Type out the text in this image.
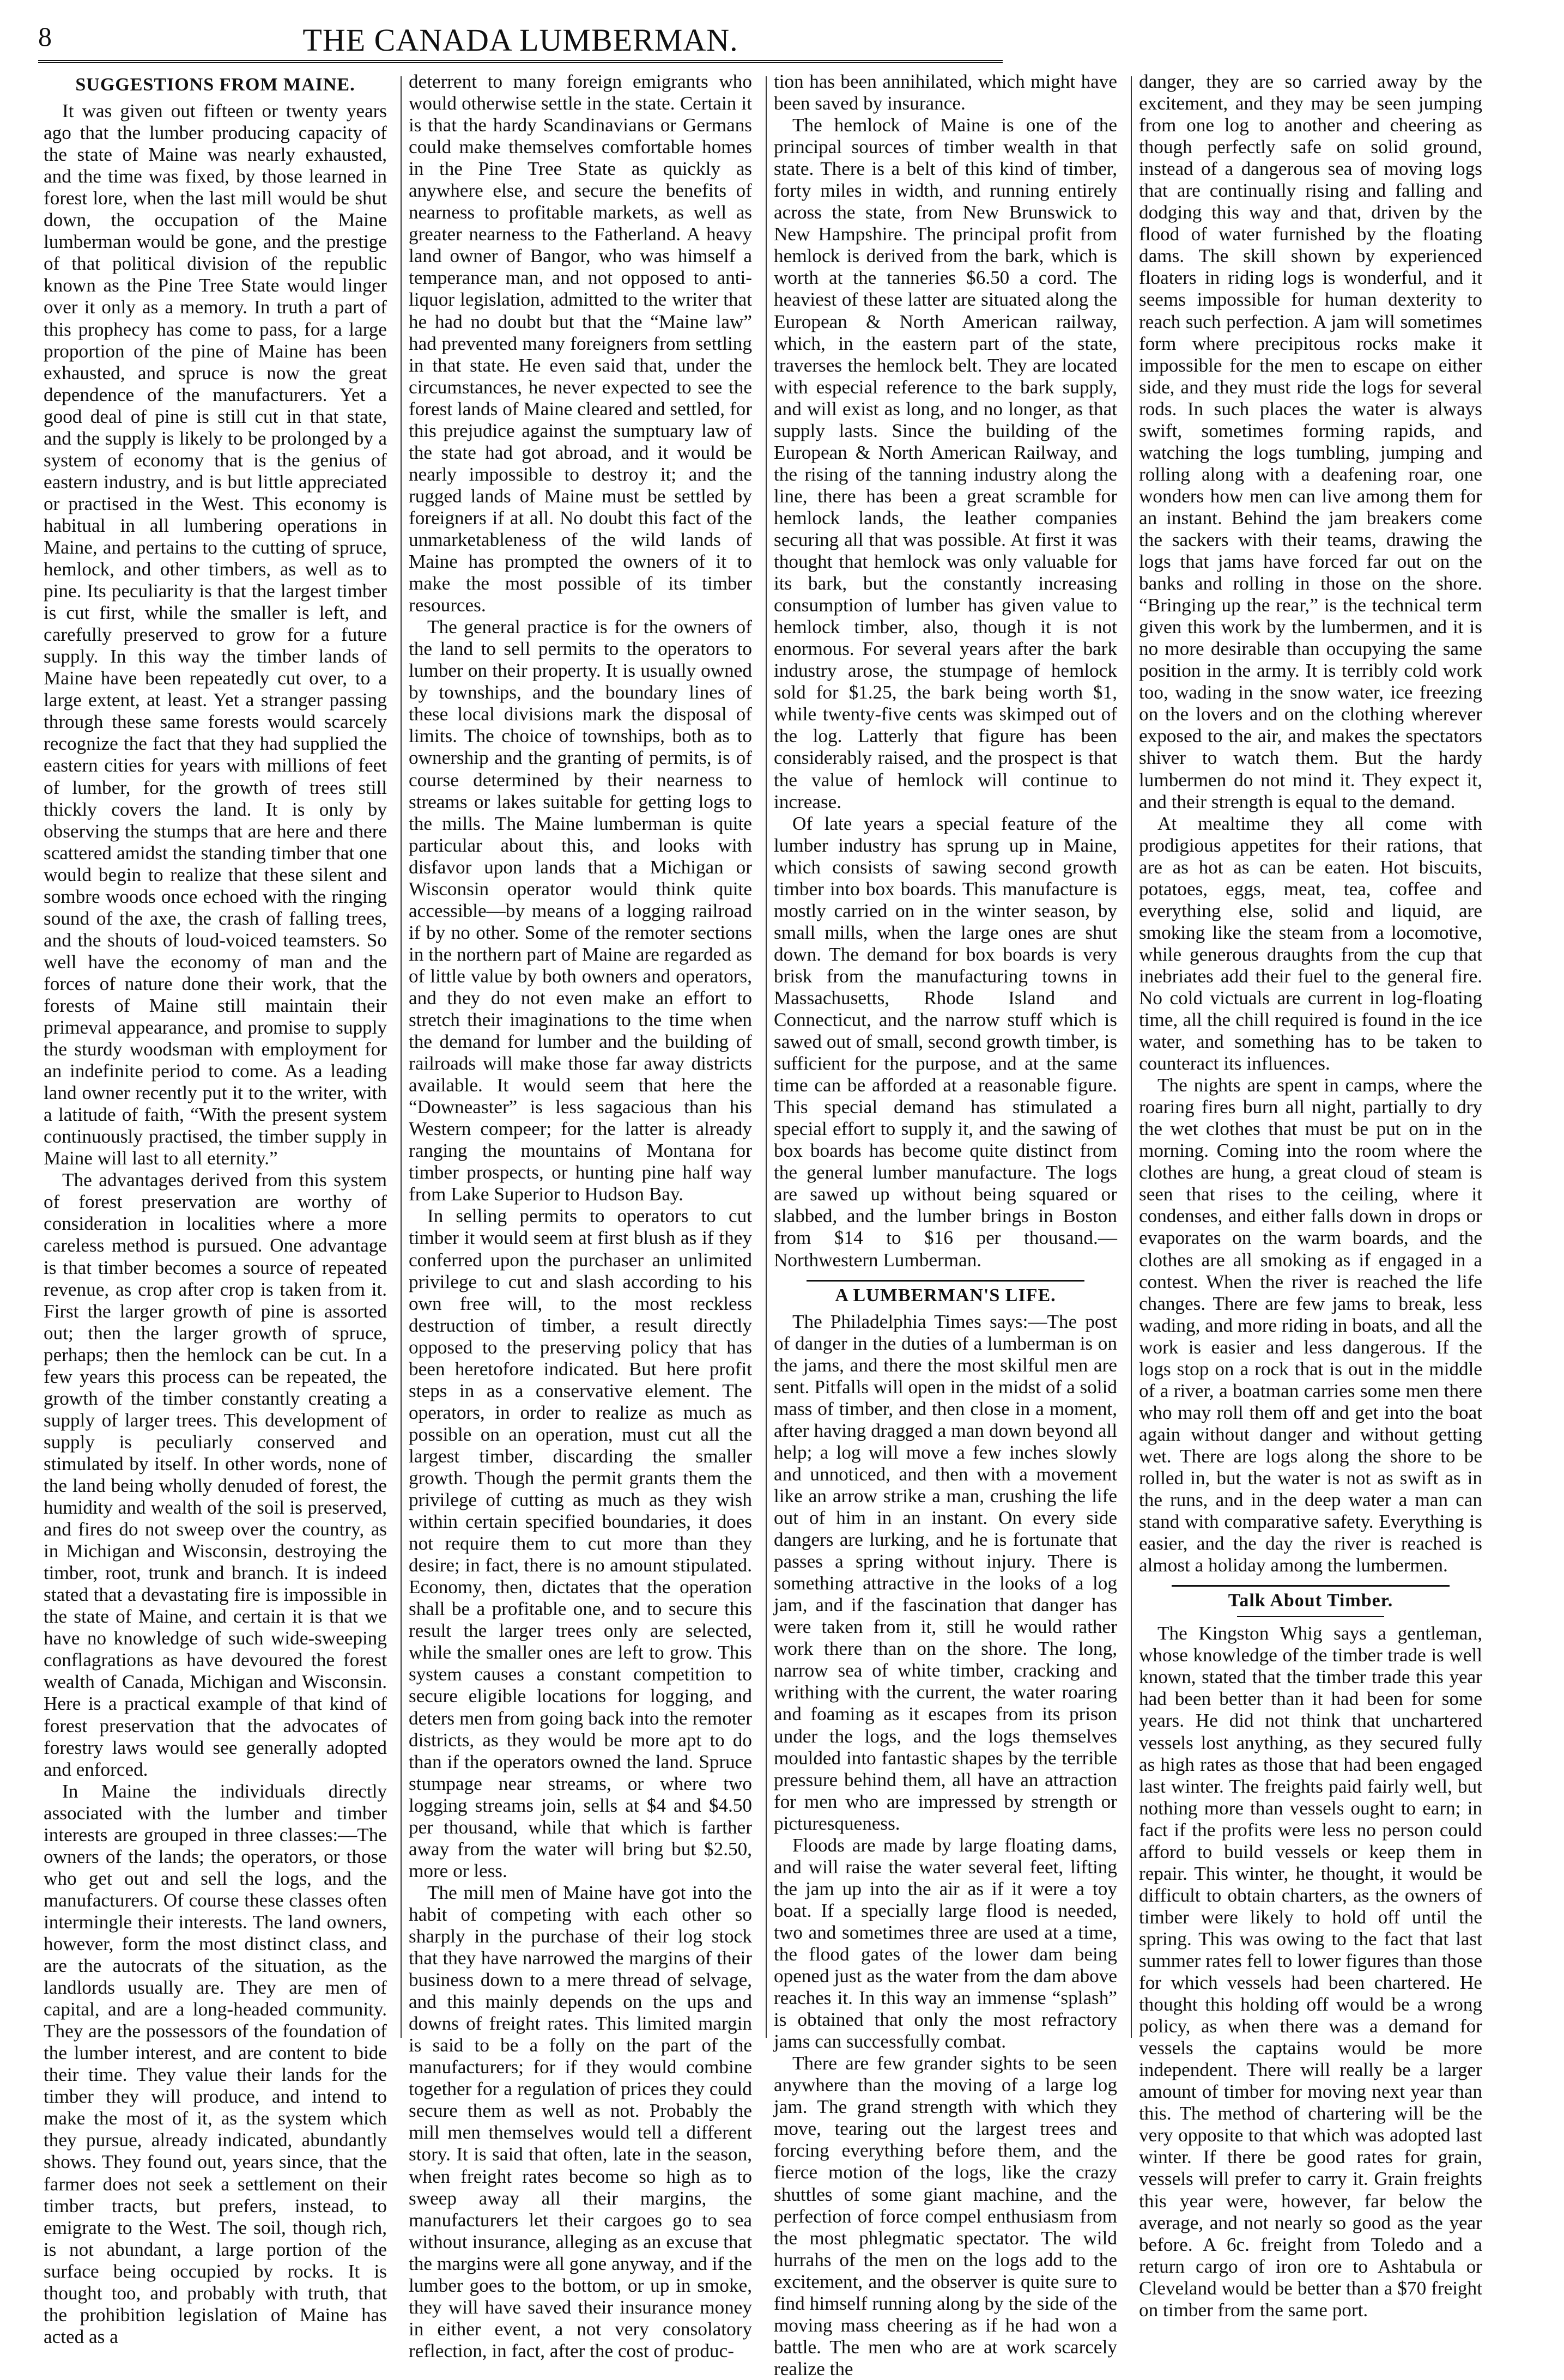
THE CANADA LUMBERMAN.
8
SUGGESTIONS FROM MAINE.

It was given out fifteen or twenty years ago that the lumber producing capacity of the state of Maine was nearly exhausted, and the time was fixed, by those learned in forest lore, when the last mill would be shut down, the occupation of the Maine lumberman would be gone, and the prestige of that political division of the republic known as the Pine Tree State would linger over it only as a memory. In truth a part of this prophecy has come to pass, for a large proportion of the pine of Maine has been exhausted, and spruce is now the great dependence of the manufacturers. Yet a good deal of pine is still cut in that state, and the supply is likely to be prolonged by a system of economy that is the genius of eastern industry, and is but little appreciated or practised in the West. This economy is habitual in all lumbering operations in Maine, and pertains to the cutting of spruce, hemlock, and other timbers, as well as to pine. Its peculiarity is that the largest timber is cut first, while the smaller is left, and carefully preserved to grow for a future supply. In this way the timber lands of Maine have been repeatedly cut over, to a large extent, at least. Yet a stranger passing through these same forests would scarcely recognize the fact that they had supplied the eastern cities for years with millions of feet of lumber, for the growth of trees still thickly covers the land. It is only by observing the stumps that are here and there scattered amidst the standing timber that one would begin to realize that these silent and sombre woods once echoed with the ringing sound of the axe, the crash of falling trees, and the shouts of loud-voiced teamsters. So well have the economy of man and the forces of nature done their work, that the forests of Maine still maintain their primeval appearance, and promise to supply the sturdy woodsman with employment for an indefinite period to come. As a leading land owner recently put it to the writer, with a latitude of faith, “With the present system continuously practised, the timber supply in Maine will last to all eternity.”

The advantages derived from this system of forest preservation are worthy of consideration in localities where a more careless method is pursued. One advantage is that timber becomes a source of repeated revenue, as crop after crop is taken from it. First the larger growth of pine is assorted out; then the larger growth of spruce, perhaps; then the hemlock can be cut. In a few years this process can be repeated, the growth of the timber constantly creating a supply of larger trees. This development of supply is peculiarly conserved and stimulated by itself. In other words, none of the land being wholly denuded of forest, the humidity and wealth of the soil is preserved, and fires do not sweep over the country, as in Michigan and Wisconsin, destroying the timber, root, trunk and branch. It is indeed stated that a devastating fire is impossible in the state of Maine, and certain it is that we have no knowledge of such wide-sweeping conflagrations as have devoured the forest wealth of Canada, Michigan and Wisconsin. Here is a practical example of that kind of forest preservation that the advocates of forestry laws would see generally adopted and enforced.

In Maine the individuals directly associated with the lumber and timber interests are grouped in three classes:—The owners of the lands; the operators, or those who get out and sell the logs, and the manufacturers. Of course these classes often intermingle their interests. The land owners, however, form the most distinct class, and are the autocrats of the situation, as the landlords usually are. They are men of capital, and are a long-headed community. They are the possessors of the foundation of the lumber interest, and are content to bide their time. They value their lands for the timber they will produce, and intend to make the most of it, as the system which they pursue, already indicated, abundantly shows. They found out, years since, that the farmer does not seek a settlement on their timber tracts, but prefers, instead, to emigrate to the West. The soil, though rich, is not abundant, a large portion of the surface being occupied by rocks. It is thought too, and probably with truth, that the prohibition legislation of Maine has acted as a

deterrent to many foreign emigrants who would otherwise settle in the state. Certain it is that the hardy Scandinavians or Germans could make themselves comfortable homes in the Pine Tree State as quickly as anywhere else, and secure the benefits of nearness to profitable markets, as well as greater nearness to the Fatherland. A heavy land owner of Bangor, who was himself a temperance man, and not opposed to anti-liquor legislation, admitted to the writer that he had no doubt but that the “Maine law” had prevented many foreigners from settling in that state. He even said that, under the circumstances, he never expected to see the forest lands of Maine cleared and settled, for this prejudice against the sumptuary law of the state had got abroad, and it would be nearly impossible to destroy it; and the rugged lands of Maine must be settled by foreigners if at all. No doubt this fact of the unmarketableness of the wild lands of Maine has prompted the owners of it to make the most possible of its timber resources.

The general practice is for the owners of the land to sell permits to the operators to lumber on their property. It is usually owned by townships, and the boundary lines of these local divisions mark the disposal of limits. The choice of townships, both as to ownership and the granting of permits, is of course determined by their nearness to streams or lakes suitable for getting logs to the mills. The Maine lumberman is quite particular about this, and looks with disfavor upon lands that a Michigan or Wisconsin operator would think quite accessible—by means of a logging railroad if by no other. Some of the remoter sections in the northern part of Maine are regarded as of little value by both owners and operators, and they do not even make an effort to stretch their imaginations to the time when the demand for lumber and the building of railroads will make those far away districts available. It would seem that here the “Downeaster” is less sagacious than his Western compeer; for the latter is already ranging the mountains of Montana for timber prospects, or hunting pine half way from Lake Superior to Hudson Bay.

In selling permits to operators to cut timber it would seem at first blush as if they conferred upon the purchaser an unlimited privilege to cut and slash according to his own free will, to the most reckless destruction of timber, a result directly opposed to the preserving policy that has been heretofore indicated. But here profit steps in as a conservative element. The operators, in order to realize as much as possible on an operation, must cut all the largest timber, discarding the smaller growth. Though the permit grants them the privilege of cutting as much as they wish within certain specified boundaries, it does not require them to cut more than they desire; in fact, there is no amount stipulated. Economy, then, dictates that the operation shall be a profitable one, and to secure this result the larger trees only are selected, while the smaller ones are left to grow. This system causes a constant competition to secure eligible locations for logging, and deters men from going back into the remoter districts, as they would be more apt to do than if the operators owned the land. Spruce stumpage near streams, or where two logging streams join, sells at $4 and $4.50 per thousand, while that which is farther away from the water will bring but $2.50, more or less.

The mill men of Maine have got into the habit of competing with each other so sharply in the purchase of their log stock that they have narrowed the margins of their business down to a mere thread of selvage, and this mainly depends on the ups and downs of freight rates. This limited margin is said to be a folly on the part of the manufacturers; for if they would combine together for a regulation of prices they could secure them as well as not. Probably the mill men themselves would tell a different story. It is said that often, late in the season, when freight rates become so high as to sweep away all their margins, the manufacturers let their cargoes go to sea without insurance, alleging as an excuse that the margins were all gone anyway, and if the lumber goes to the bottom, or up in smoke, they will have saved their insurance money in either event, a not very consolatory reflection, in fact, after the cost of produc-

tion has been annihilated, which might have been saved by insurance.

The hemlock of Maine is one of the principal sources of timber wealth in that state. There is a belt of this kind of timber, forty miles in width, and running entirely across the state, from New Brunswick to New Hampshire. The principal profit from hemlock is derived from the bark, which is worth at the tanneries $6.50 a cord. The heaviest of these latter are situated along the European & North American railway, which, in the eastern part of the state, traverses the hemlock belt. They are located with especial reference to the bark supply, and will exist as long, and no longer, as that supply lasts. Since the building of the European & North American Railway, and the rising of the tanning industry along the line, there has been a great scramble for hemlock lands, the leather companies securing all that was possible. At first it was thought that hemlock was only valuable for its bark, but the constantly increasing consumption of lumber has given value to hemlock timber, also, though it is not enormous. For several years after the bark industry arose, the stumpage of hemlock sold for $1.25, the bark being worth $1, while twenty-five cents was skimped out of the log. Latterly that figure has been considerably raised, and the prospect is that the value of hemlock will continue to increase.

Of late years a special feature of the lumber industry has sprung up in Maine, which consists of sawing second growth timber into box boards. This manufacture is mostly carried on in the winter season, by small mills, when the large ones are shut down. The demand for box boards is very brisk from the manufacturing towns in Massachusetts, Rhode Island and Connecticut, and the narrow stuff which is sawed out of small, second growth timber, is sufficient for the purpose, and at the same time can be afforded at a reasonable figure. This special demand has stimulated a special effort to supply it, and the sawing of box boards has become quite distinct from the general lumber manufacture. The logs are sawed up without being squared or slabbed, and the lumber brings in Boston from $14 to $16 per thousand.—Northwestern Lumberman.

A LUMBERMAN'S LIFE.

The Philadelphia Times says:—The post of danger in the duties of a lumberman is on the jams, and there the most skilful men are sent. Pitfalls will open in the midst of a solid mass of timber, and then close in a moment, after having dragged a man down beyond all help; a log will move a few inches slowly and unnoticed, and then with a movement like an arrow strike a man, crushing the life out of him in an instant. On every side dangers are lurking, and he is fortunate that passes a spring without injury. There is something attractive in the looks of a log jam, and if the fascination that danger has were taken from it, still he would rather work there than on the shore. The long, narrow sea of white timber, cracking and writhing with the current, the water roaring and foaming as it escapes from its prison under the logs, and the logs themselves moulded into fantastic shapes by the terrible pressure behind them, all have an attraction for men who are impressed by strength or picturesqueness.

Floods are made by large floating dams, and will raise the water several feet, lifting the jam up into the air as if it were a toy boat. If a specially large flood is needed, two and sometimes three are used at a time, the flood gates of the lower dam being opened just as the water from the dam above reaches it. In this way an immense “splash” is obtained that only the most refractory jams can successfully combat.

There are few grander sights to be seen anywhere than the moving of a large log jam. The grand strength with which they move, tearing out the largest trees and forcing everything before them, and the fierce motion of the logs, like the crazy shuttles of some giant machine, and the perfection of force compel enthusiasm from the most phlegmatic spectator. The wild hurrahs of the men on the logs add to the excitement, and the observer is quite sure to find himself running along by the side of the moving mass cheering as if he had won a battle. The men who are at work scarcely realize the

danger, they are so carried away by the excitement, and they may be seen jumping from one log to another and cheering as though perfectly safe on solid ground, instead of a dangerous sea of moving logs that are continually rising and falling and dodging this way and that, driven by the flood of water furnished by the floating dams. The skill shown by experienced floaters in riding logs is wonderful, and it seems impossible for human dexterity to reach such perfection. A jam will sometimes form where precipitous rocks make it impossible for the men to escape on either side, and they must ride the logs for several rods. In such places the water is always swift, sometimes forming rapids, and watching the logs tumbling, jumping and rolling along with a deafening roar, one wonders how men can live among them for an instant. Behind the jam breakers come the sackers with their teams, drawing the logs that jams have forced far out on the banks and rolling in those on the shore. “Bringing up the rear,” is the technical term given this work by the lumbermen, and it is no more desirable than occupying the same position in the army. It is terribly cold work too, wading in the snow water, ice freezing on the lovers and on the clothing wherever exposed to the air, and makes the spectators shiver to watch them. But the hardy lumbermen do not mind it. They expect it, and their strength is equal to the demand.

At mealtime they all come with prodigious appetites for their rations, that are as hot as can be eaten. Hot biscuits, potatoes, eggs, meat, tea, coffee and everything else, solid and liquid, are smoking like the steam from a locomotive, while generous draughts from the cup that inebriates add their fuel to the general fire. No cold victuals are current in log-floating time, all the chill required is found in the ice water, and something has to be taken to counteract its influences.

The nights are spent in camps, where the roaring fires burn all night, partially to dry the wet clothes that must be put on in the morning. Coming into the room where the clothes are hung, a great cloud of steam is seen that rises to the ceiling, where it condenses, and either falls down in drops or evaporates on the warm boards, and the clothes are all smoking as if engaged in a contest. When the river is reached the life changes. There are few jams to break, less wading, and more riding in boats, and all the work is easier and less dangerous. If the logs stop on a rock that is out in the middle of a river, a boatman carries some men there who may roll them off and get into the boat again without danger and without getting wet. There are logs along the shore to be rolled in, but the water is not as swift as in the runs, and in the deep water a man can stand with comparative safety. Everything is easier, and the day the river is reached is almost a holiday among the lumbermen.

Talk About Timber.

The Kingston Whig says a gentleman, whose knowledge of the timber trade is well known, stated that the timber trade this year had been better than it had been for some years. He did not think that unchartered vessels lost anything, as they secured fully as high rates as those that had been engaged last winter. The freights paid fairly well, but nothing more than vessels ought to earn; in fact if the profits were less no person could afford to build vessels or keep them in repair. This winter, he thought, it would be difficult to obtain charters, as the owners of timber were likely to hold off until the spring. This was owing to the fact that last summer rates fell to lower figures than those for which vessels had been chartered. He thought this holding off would be a wrong policy, as when there was a demand for vessels the captains would be more independent. There will really be a larger amount of timber for moving next year than this. The method of chartering will be the very opposite to that which was adopted last winter. If there be good rates for grain, vessels will prefer to carry it. Grain freights this year were, however, far below the average, and not nearly so good as the year before. A 6c. freight from Toledo and a return cargo of iron ore to Ashtabula or Cleveland would be better than a $70 freight on timber from the same port.
